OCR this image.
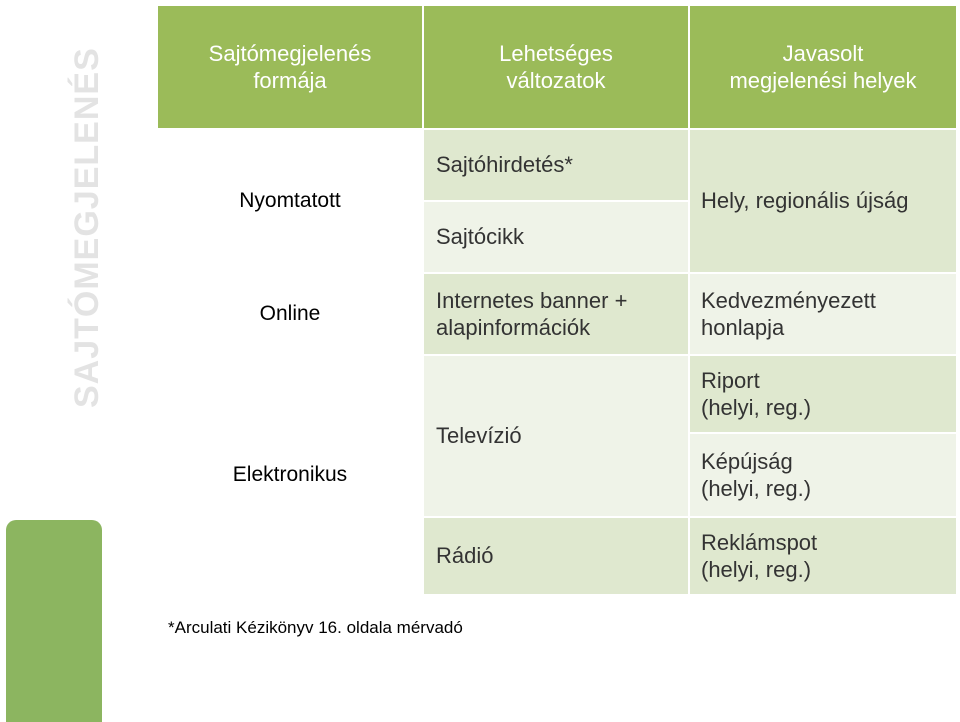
SAJTÓMEGJELENÉS	Sajtómegjelenés
formája
Lehetséges
változatok
Javasolt
megjelenési helyek
Nyomtatott
Online
Elektronikus
Sajtóhirdetés*
Sajtócikk
Internetes banner +
alapinformációk
Televízió
Rádió
Hely, regionális újság
Kedvezményezett
honlapja
Riport
(helyi, reg.)
Képújság
(helyi, reg.)
Reklámspot
(helyi, reg.)
*Arculati Kézikönyv 16. oldala mérvadó
